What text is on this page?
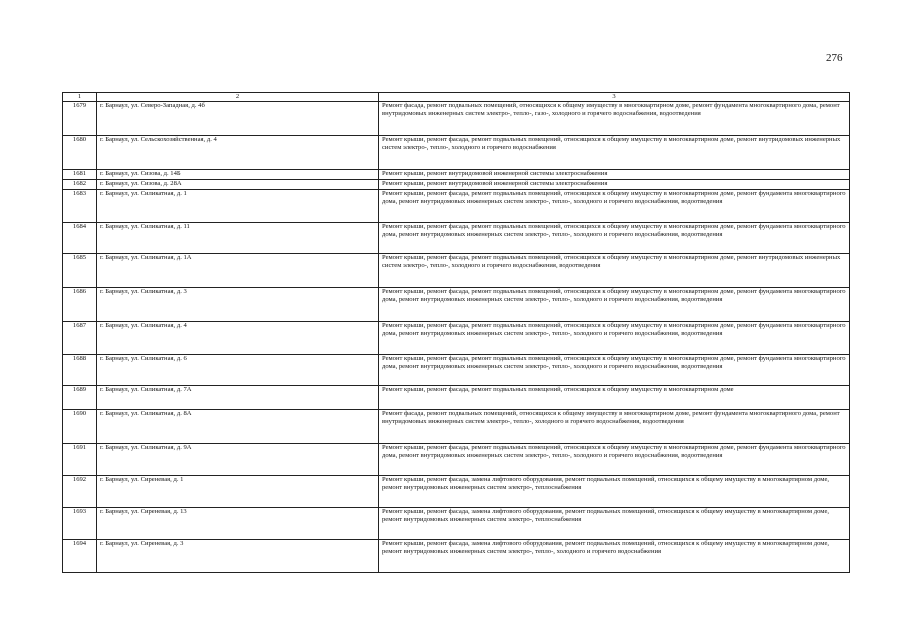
276
1	2	3
1679	г. Барнаул, ул. Северо-Западная, д. 4б	Ремонт фасада, ремонт подвальных помещений, относящихся к общему имуществу в многоквартирном доме, ремонт фундамента многоквартирного дома, ремонт внутридомовых инженерных систем электро-, тепло-, газо-, холодного и горячего водоснабжения, водоотведения
1680	г. Барнаул, ул. Сельскохозяйственная, д. 4	Ремонт крыши, ремонт фасада, ремонт подвальных помещений, относящихся к общему имуществу в многоквартирном доме, ремонт внутридомовых инженерных систем электро-, тепло-, холодного и горячего водоснабжения
1681	г. Барнаул, ул. Сизова, д. 14Б	Ремонт крыши, ремонт внутридомовой инженерной системы электроснабжения
1682	г. Барнаул, ул. Сизова, д. 28А	Ремонт крыши, ремонт внутридомовой инженерной системы электроснабжения
1683	г. Барнаул, ул. Силикатная, д. 1	Ремонт крыши, ремонт фасада, ремонт подвальных помещений, относящихся к общему имуществу в многоквартирном доме, ремонт фундамента многоквартирного дома, ремонт внутридомовых инженерных систем электро-, тепло-, холодного и горячего водоснабжения, водоотведения
1684	г. Барнаул, ул. Силикатная, д. 11	Ремонт крыши, ремонт фасада, ремонт подвальных помещений, относящихся к общему имуществу в многоквартирном доме, ремонт фундамента многоквартирного дома, ремонт внутридомовых инженерных систем электро-, тепло-, холодного и горячего водоснабжения, водоотведения
1685	г. Барнаул, ул. Силикатная, д. 1А	Ремонт крыши, ремонт фасада, ремонт подвальных помещений, относящихся к общему имуществу в многоквартирном доме, ремонт внутридомовых инженерных систем электро-, тепло-, холодного и горячего водоснабжения, водоотведения
1686	г. Барнаул, ул. Силикатная, д. 3	Ремонт крыши, ремонт фасада, ремонт подвальных помещений, относящихся к общему имуществу в многоквартирном доме, ремонт фундамента многоквартирного дома, ремонт внутридомовых инженерных систем электро-, тепло-, холодного и горячего водоснабжения, водоотведения
1687	г. Барнаул, ул. Силикатная, д. 4	Ремонт крыши, ремонт фасада, ремонт подвальных помещений, относящихся к общему имуществу в многоквартирном доме, ремонт фундамента многоквартирного дома, ремонт внутридомовых инженерных систем электро-, тепло-, холодного и горячего водоснабжения, водоотведения
1688	г. Барнаул, ул. Силикатная, д. 6	Ремонт крыши, ремонт фасада, ремонт подвальных помещений, относящихся к общему имуществу в многоквартирном доме, ремонт фундамента многоквартирного дома, ремонт внутридомовых инженерных систем электро-, тепло-, холодного и горячего водоснабжения, водоотведения
1689	г. Барнаул, ул. Силикатная, д. 7А	Ремонт крыши, ремонт фасада, ремонт подвальных помещений, относящихся к общему имуществу в многоквартирном доме
1690	г. Барнаул, ул. Силикатная, д. 8А	Ремонт фасада, ремонт подвальных помещений, относящихся к общему имуществу в многоквартирном доме, ремонт фундамента многоквартирного дома, ремонт внутридомовых инженерных систем электро-, тепло-, холодного и горячего водоснабжения, водоотведения
1691	г. Барнаул, ул. Силикатная, д. 9А	Ремонт крыши, ремонт фасада, ремонт подвальных помещений, относящихся к общему имуществу в многоквартирном доме, ремонт фундамента многоквартирного дома, ремонт внутридомовых инженерных систем электро-, тепло-, холодного и горячего водоснабжения, водоотведения
1692	г. Барнаул, ул. Сиреневая, д. 1	Ремонт крыши, ремонт фасада, замена лифтового оборудования, ремонт подвальных помещений, относящихся к общему имуществу в многоквартирном доме, ремонт внутридомовых инженерных систем электро-, теплоснабжения
1693	г. Барнаул, ул. Сиреневая, д. 13	Ремонт крыши, ремонт фасада, замена лифтового оборудования, ремонт подвальных помещений, относящихся к общему имуществу в многоквартирном доме, ремонт внутридомовых инженерных систем электро-, теплоснабжения
1694	г. Барнаул, ул. Сиреневая, д. 3	Ремонт крыши, ремонт фасада, замена лифтового оборудования, ремонт подвальных помещений, относящихся к общему имуществу в многоквартирном доме, ремонт внутридомовых инженерных систем электро-, тепло-, холодного и горячего водоснабжения
